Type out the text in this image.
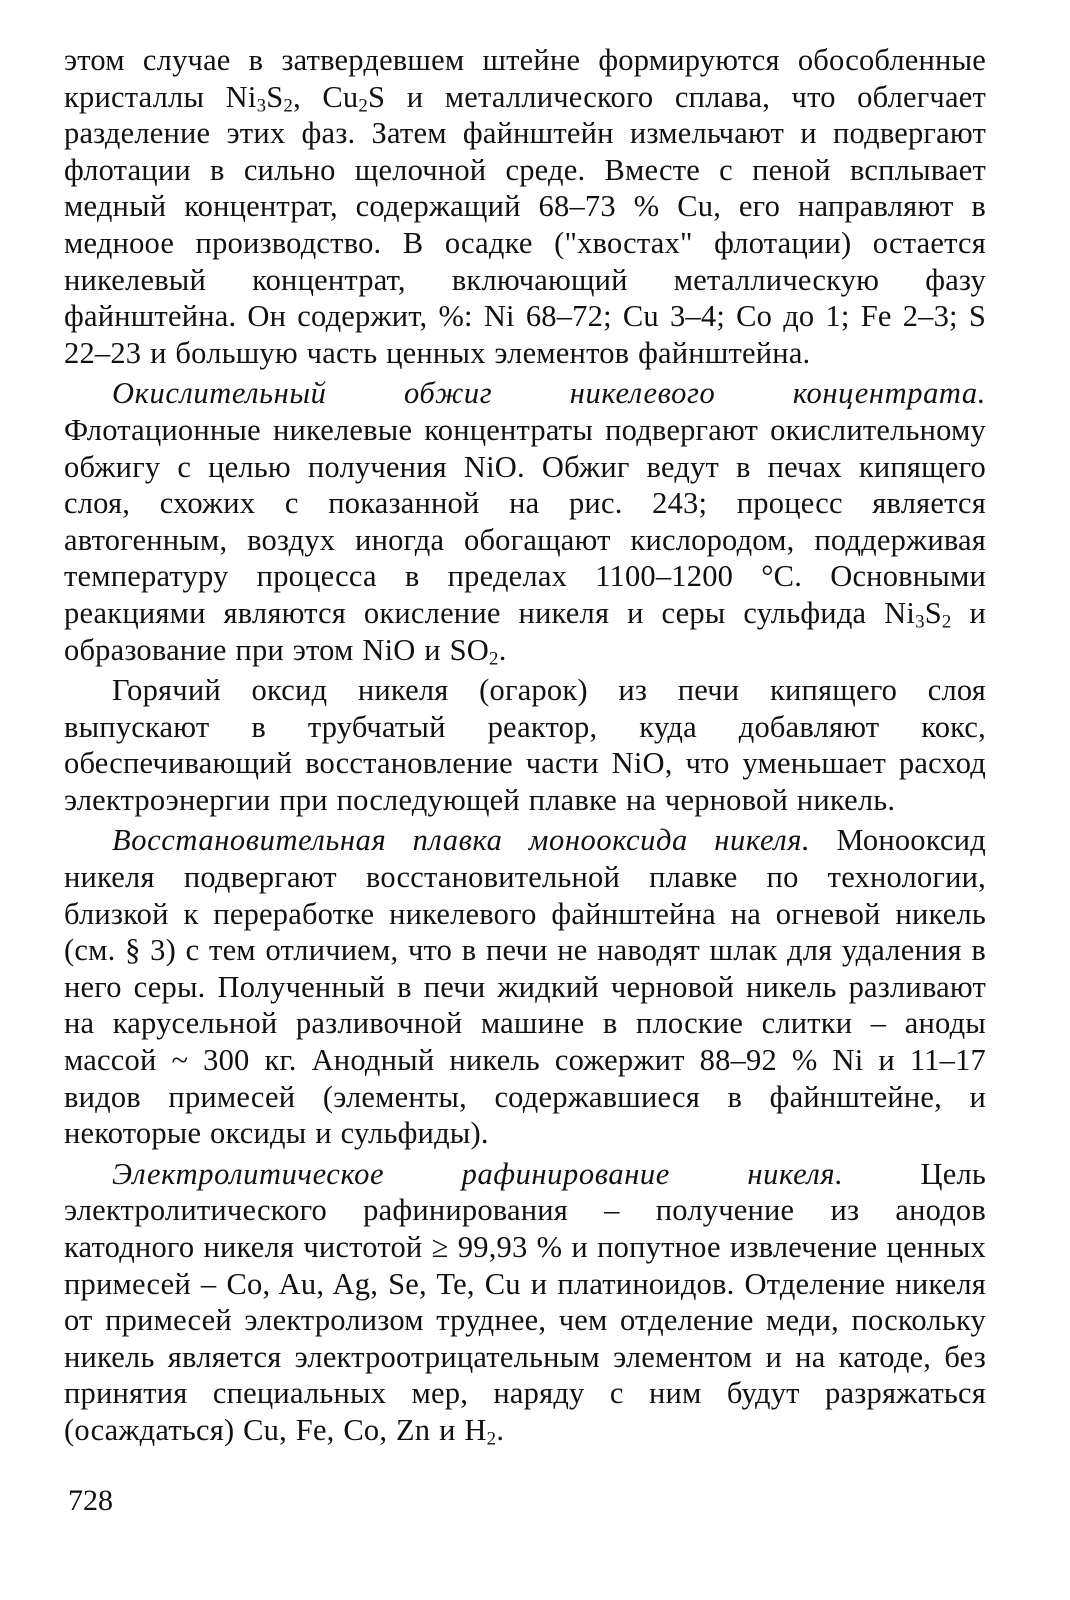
этом случае в затвердевшем штейне формируются обособленные кристаллы $Ni_3S_2$, $Cu_2S$ и металлического сплава, что облегчает разделение этих фаз. Затем файнштейн измельчают и подвергают флотации в сильно щелочной среде. Вместе с пеной всплывает медный концентрат, содержащий 68–73 % Cu, его направляют в медноое производство. В осадке ("хвостах" флотации) остается никелевый концентрат, включающий металлическую фазу файнштейна. Он содержит, %: Ni 68–72; Cu 3–4; Co до 1; Fe 2–3; S 22–23 и большую часть ценных элементов файнштейна.

Окислительный обжиг никелевого концентрата. Флотационные никелевые концентраты подвергают окислительному обжигу с целью получения NiO. Обжиг ведут в печах кипящего слоя, схожих с показанной на рис. 243; процесс является автогенным, воздух иногда обогащают кислородом, поддерживая температуру процесса в пределах 1100–1200 °С. Основными реакциями являются окисление никеля и серы сульфида $Ni_3S_2$ и образование при этом NiO и $SO_2$.

Горячий оксид никеля (огарок) из печи кипящего слоя выпускают в трубчатый реактор, куда добавляют кокс, обеспечивающий восстановление части NiO, что уменьшает расход электроэнергии при последующей плавке на черновой никель.

Восстановительная плавка монооксида никеля. Монооксид никеля подвергают восстановительной плавке по технологии, близкой к переработке никелевого файнштейна на огневой никель (см. § 3) с тем отличием, что в печи не наводят шлак для удаления в него серы. Полученный в печи жидкий черновой никель разливают на карусельной разливочной машине в плоские слитки – аноды массой ~ 300 кг. Анодный никель сожержит 88–92 % Ni и 11–17 видов примесей (элементы, содержавшиеся в файнштейне, и некоторые оксиды и сульфиды).

Электролитическое рафинирование никеля. Цель электролитического рафинирования – получение из анодов катодного никеля чистотой ≥ 99,93 % и попутное извлечение ценных примесей – Co, Au, Ag, Se, Te, Cu и платиноидов. Отделение никеля от примесей электролизом труднее, чем отделение меди, поскольку никель является электроотрицательным элементом и на катоде, без принятия специальных мер, наряду с ним будут разряжаться (осаждаться) Cu, Fe, Co, Zn и $H_2$.

728
